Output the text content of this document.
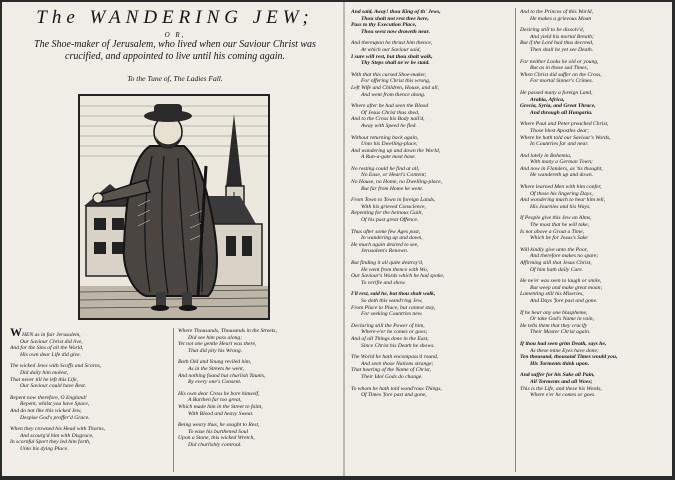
The WANDERING JEW;
O R,
The Shoe-maker of Jerusalem, who lived when our Saviour Christ was
crucified, and appointed to live until his coming again.
To the Tune of, The Ladies Fall.
WHEN as in fair Jerusalem,
Our Saviour Christ did live,
And for the Sins of all the World,
His own dear Life did give.
The wicked Jews with Scoffs and Scorns,
Did daily him molest,
That never till he left this Life,
Our Saviour could have Rest.
Repent now therefore, O England!
Repent, whilst you have Space,
And do not like this wicked Jew,
Despise God's proffer'd Grace.
When they crowned his Head with Thorns,
And scourg'd him with Disgrace,
In scornful Sport they led him forth,
Unto his dying Place.
Where Thousands, Thousands in the Streets,
Did see him pass along;
Yet not one gentle Heart was there,
That did pity his Wrong.
Both Old and Young reviled him,
As in the Streets he went,
And nothing found but churlish Taunts,
By every one's Consent.
His own dear Cross he bore himself,
A Burthen far too great,
Which made him in the Street to faint,
With Blood and heavy Sweat.
Being weary thus, he sought to Rest,
To ease his burthened Soul
Upon a Stone, this wicked Wretch,
Did churlishly controul.
And said, Away! thou King of th' Jews,
Thou shalt not rest thee here,
Pass to thy Execution Place,
Thou seest now draweth near.
And thereupon he thrust him thence,
At which our Saviour said,
I sure will rest, but thou shalt walk,
Thy Steps shall ne'er be staid.
With that this cursed Shoe-maker,
For offering Christ this wrong,
Left Wife and Children, House, and all,
And went from thence along.
Where after he had seen the Blood
Of Jesus Christ thus shed,
And to the Cross his Body nail'd,
Away with Speed he fled.
Without returning back again,
Unto his Dwelling-place;
And wandering up and down the World,
A Run-a-gate most base.
No resting could he find at all,
No Ease, or Heart's Content;
No House, no Home, no Dwelling-place,
But far from Home he went.
From Town to Town in foreign Lands,
With his grieved Conscience,
Repenting for the heinous Guilt,
Of his past great Offence.
Thus after some few Ages past,
In wandering up and down,
He much again desired to see,
Jerusalem's Renown.
But finding it all quite destroy'd,
He went from thence with Wo,
Our Saviour's Words which he had spoke,
To verifie and show.
I'll rest, said he, but thou shalt walk,
So doth this wand'ring Jew,
From Place to Place, but cannot stay,
For seeking Countries new.
Declaring still the Power of him,
Where-e'er he comes or goes;
And of all Things done in the East,
Since Christ his Death he shows.
The World he hath encompass'd round,
And seen those Nations strange;
That hearing of the Name of Christ,
Their Idol Gods do change.
To whom he hath told wond'rous Things,
Of Times 'fore past and gone,
And to the Princes of this World,
He makes a grievous Moan
Desiring still to be dissolv'd,
And yield his mortal Breath;
But if the Lord had thus decreed,
Then shall he yet see Death.
For neither Looks he old or young,
But as in those sad Times,
When Christ did suffer on the Cross,
For mortal Sinner's Crimes.
He passed many a foreign Land,
Arabia, Africa,
Grecia, Syria, and Great Thrace,
And through all Hungaria.
Where Paul and Peter preached Christ,
Those blest Apostles dear;
Where he hath told our Saviour's Words,
In Countries far and near.
And lately in Bohemia,
With many a German Town;
And now in Flanders, as 'tis thought,
He wandereth up and down.
Where learned Men with him confer,
Of those his lingering Days,
And wondering much to hear him tell,
His Journies and his Ways.
If People give this Jew an Alms,
The most that he will take,
Is not above a Groat a Time,
Which he for Jesus's Sake
Will kindly give unto the Poor,
And therefore makes no spare;
Affirming still that Jesus Christ,
Of him hath daily Care.
He ne'er was seen to laugh or smile,
But weep and make great moan;
Lamenting still his Miseries,
And Days 'fore past and gone.
If he hear any one blaspheme,
Or take God's Name in vain,
He tells them that they crucify
Their Master Christ again.
If thou had seen grim Death, says he,
As these mine Eyes have done;
Ten thousand, thousand Times would you,
His Torments think upon.
And suffer for his Sake all Pain,
All Torments and all Woes;
This is the Life, and these his Words,
Where e'er he comes or goes.
